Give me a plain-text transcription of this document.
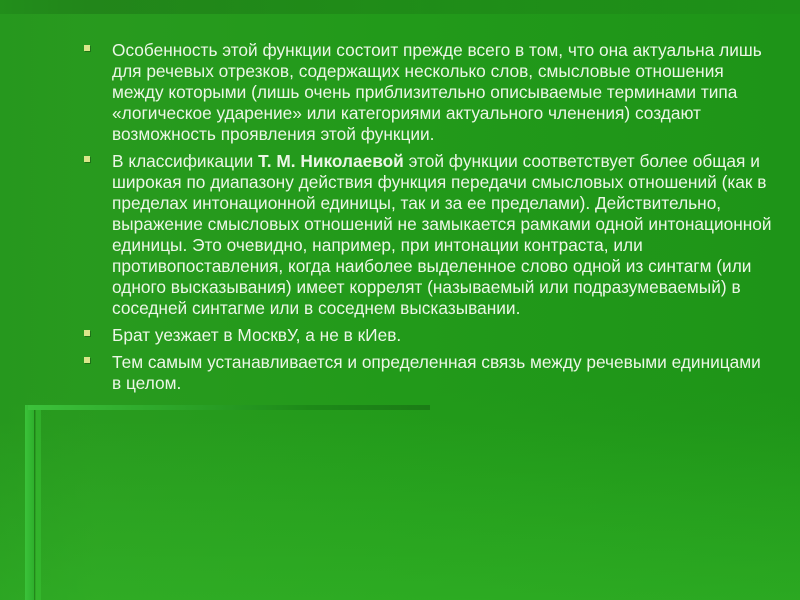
Особенность этой функции состоит прежде всего в том, что она актуальна лишь для речевых отрезков, содержащих несколько слов, смысловые отношения между которыми (лишь очень приблизительно описываемые терминами типа «логическое ударение» или категориями актуального членения) создают возможность проявления этой функции.
В классификации Т. М. Николаевой этой функции соответствует более общая и широкая по диапазону действия функция передачи смысловых отношений (как в пределах интонационной единицы, так и за ее пределами). Действительно, выражение смысловых отношений не замыкается рамками одной интонационной единицы. Это очевидно, например, при интонации контраста, или противопоставления, когда наиболее выделенное слово одной из синтагм (или одного высказывания) имеет коррелят (называемый или подразумеваемый) в соседней синтагме или в соседнем высказывании.
Брат уезжает в МосквУ, а не в кИев.
Тем самым устанавливается и определенная связь между речевыми единицами в целом.
